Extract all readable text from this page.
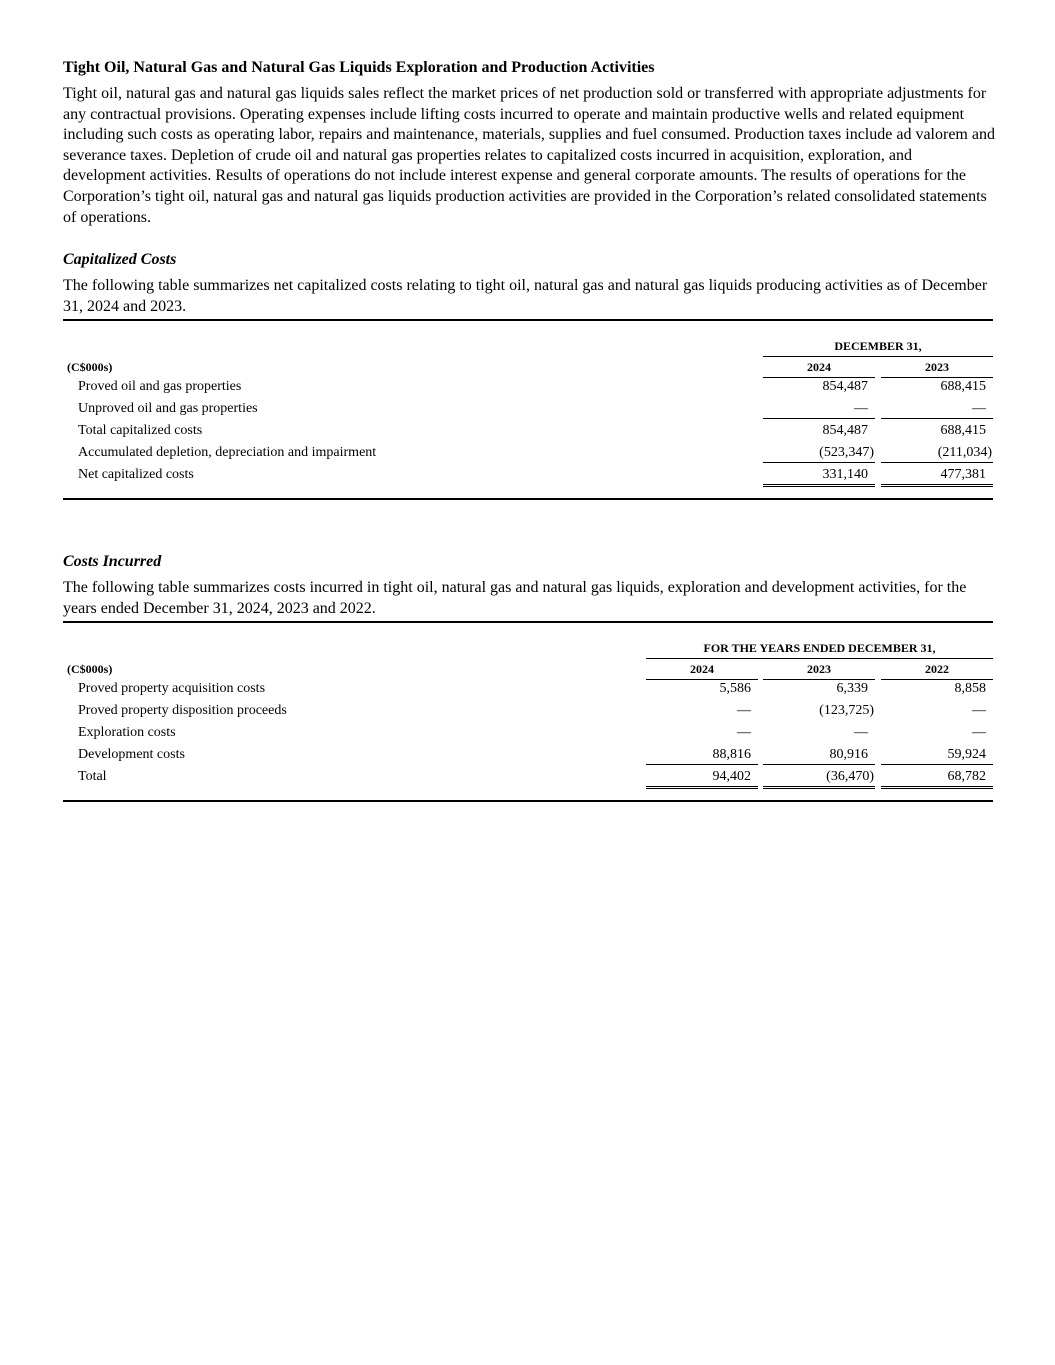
Tight Oil, Natural Gas and Natural Gas Liquids Exploration and Production Activities

Tight oil, natural gas and natural gas liquids sales reflect the market prices of net production sold or transferred with appropriate adjustments for any contractual provisions. Operating expenses include lifting costs incurred to operate and maintain productive wells and related equipment including such costs as operating labor, repairs and maintenance, materials, supplies and fuel consumed. Production taxes include ad valorem and severance taxes. Depletion of crude oil and natural gas properties relates to capitalized costs incurred in acquisition, exploration, and development activities. Results of operations do not include interest expense and general corporate amounts. The results of operations for the Corporation’s tight oil, natural gas and natural gas liquids production activities are provided in the Corporation’s related consolidated statements of operations.

Capitalized Costs

The following table summarizes net capitalized costs relating to tight oil, natural gas and natural gas liquids producing activities as of December 31, 2024 and 2023.

DECEMBER 31,
(C$000s)	2024	2023
Proved oil and gas properties	854,487	688,415
Unproved oil and gas properties	—	—
Total capitalized costs	854,487	688,415
Accumulated depletion, depreciation and impairment	(523,347)	(211,034)
Net capitalized costs	331,140	477,381
Costs Incurred

The following table summarizes costs incurred in tight oil, natural gas and natural gas liquids, exploration and development activities, for the years ended December 31, 2024, 2023 and 2022.

FOR THE YEARS ENDED DECEMBER 31,
(C$000s)	2024	2023	2022
Proved property acquisition costs	5,586	6,339	8,858
Proved property disposition proceeds	—	(123,725)	—
Exploration costs	—	—	—
Development costs	88,816	80,916	59,924
Total	94,402	(36,470)	68,782
